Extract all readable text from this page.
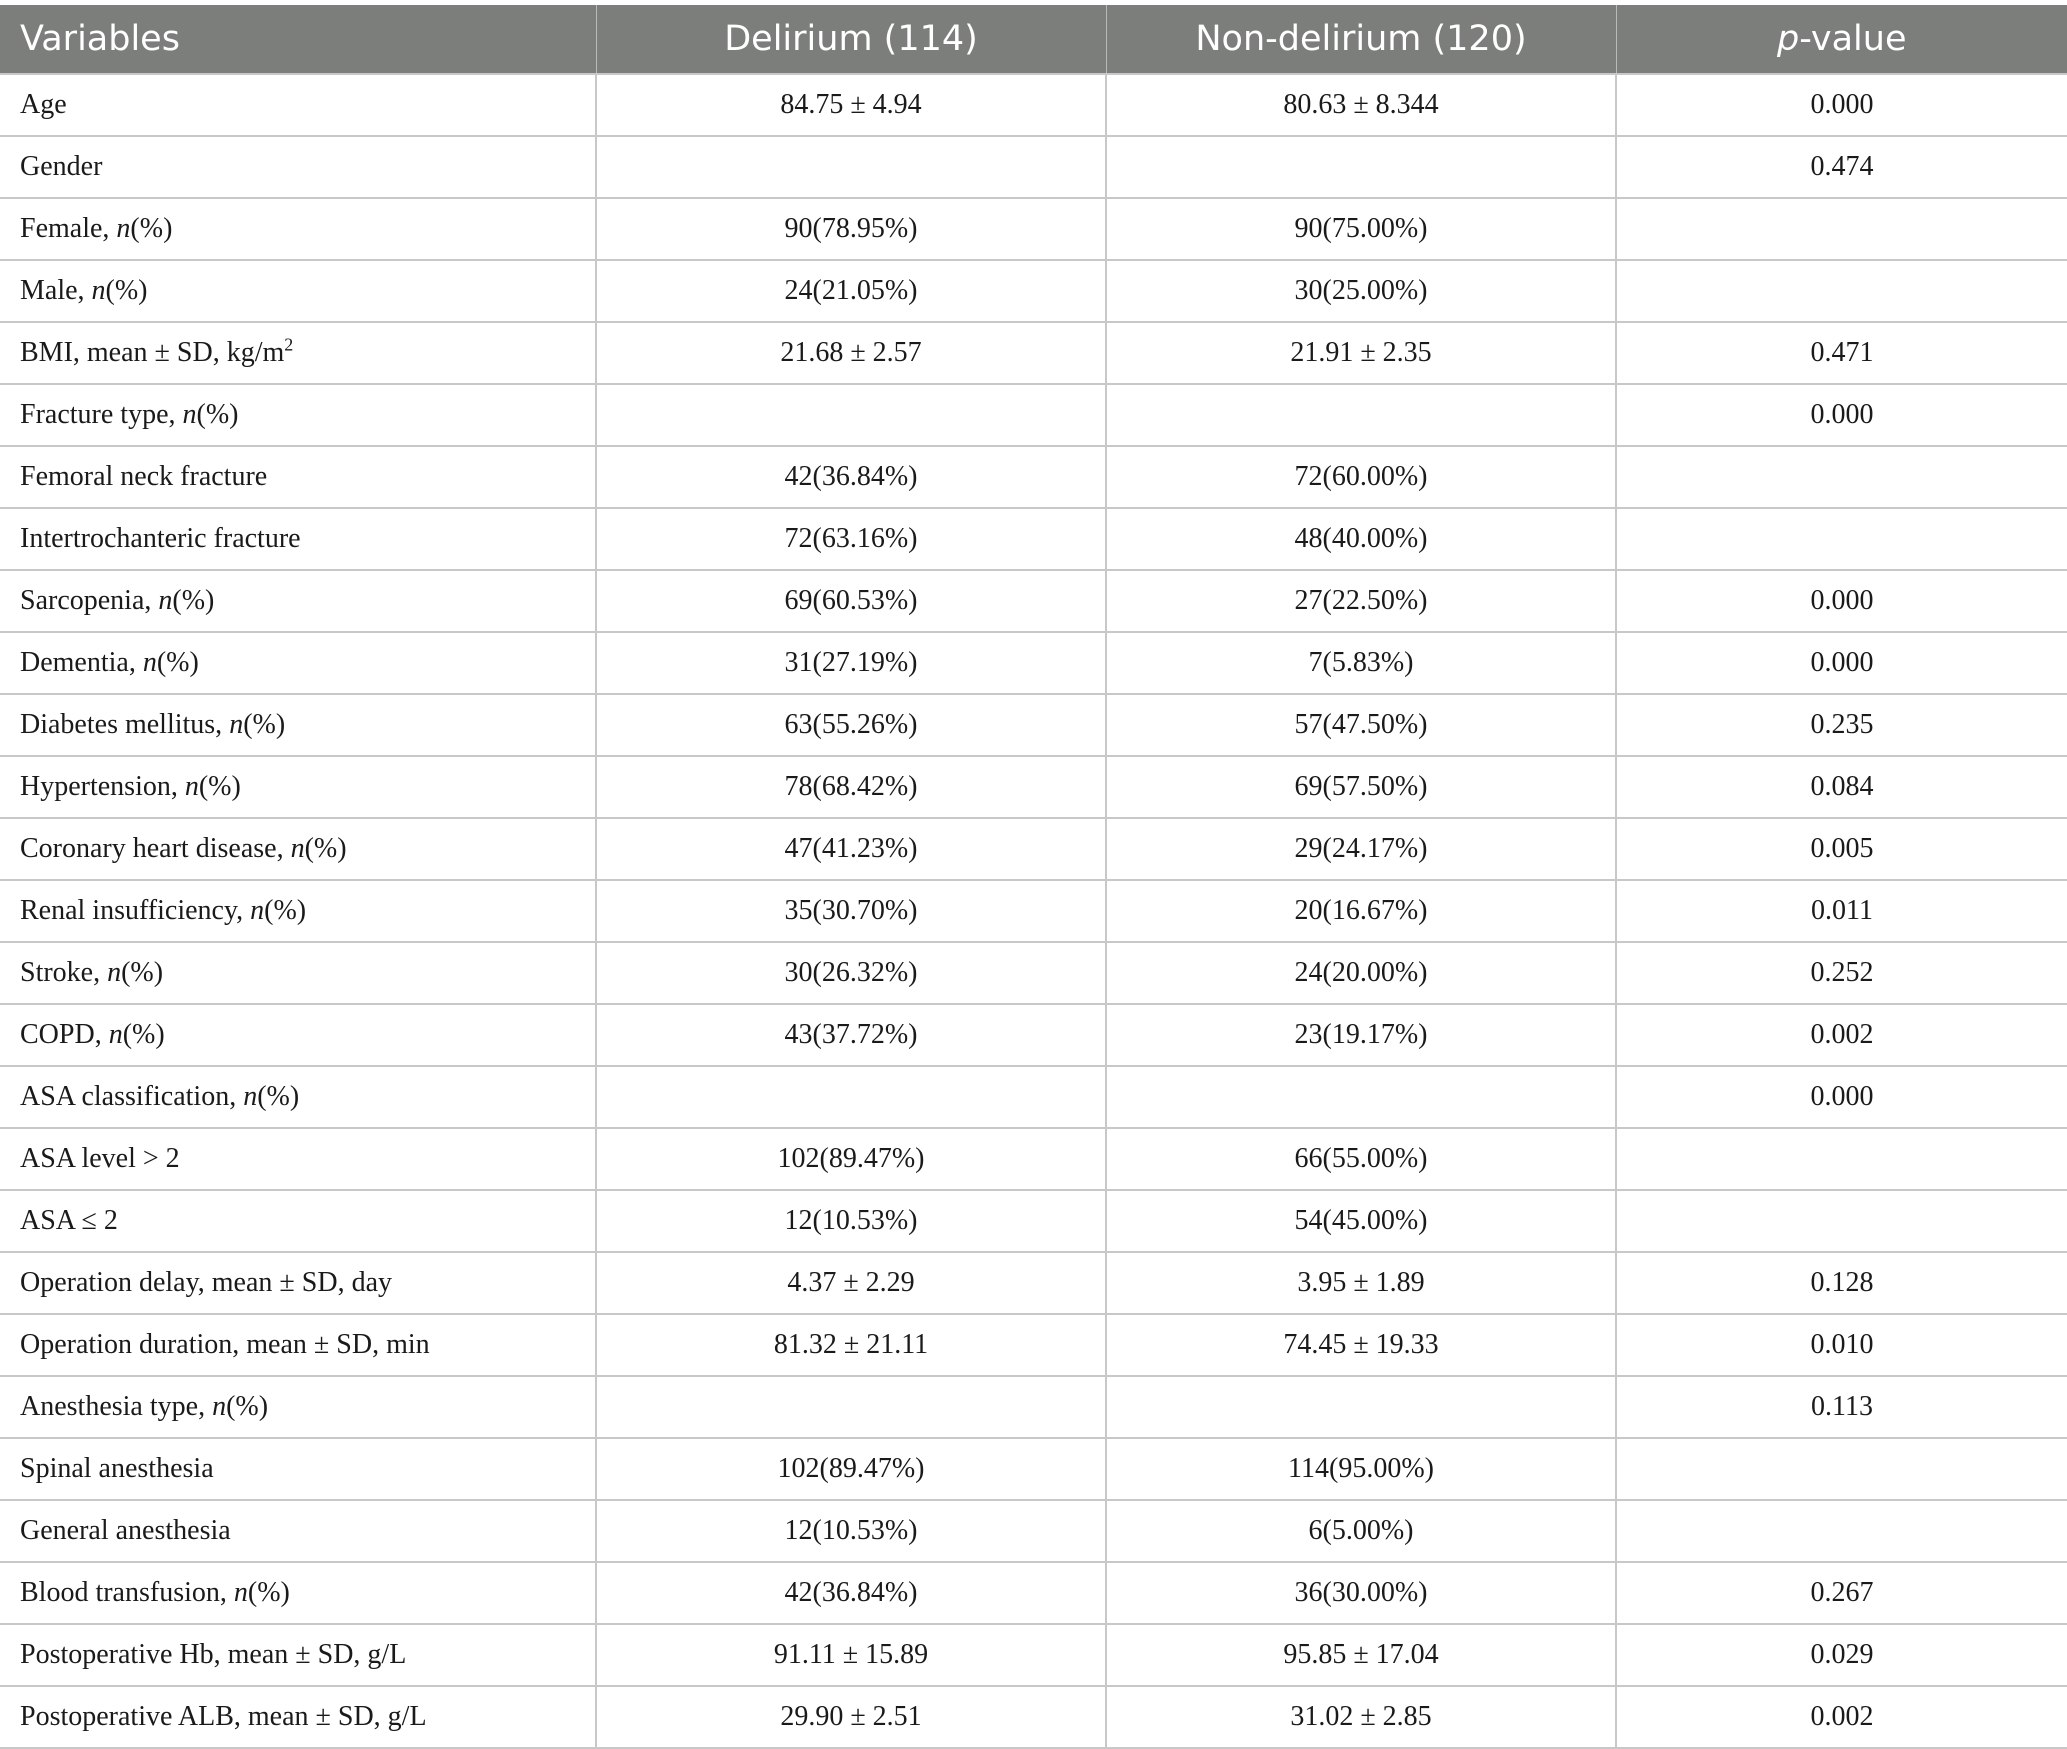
Variables	Delirium (114)	Non-delirium (120)	p-value
Age	84.75 ± 4.94	80.63 ± 8.344	0.000
Gender			0.474
Female, n(%)	90(78.95%)	90(75.00%)	
Male, n(%)	24(21.05%)	30(25.00%)	
BMI, mean ± SD, $kg/m^2$	21.68 ± 2.57	21.91 ± 2.35	0.471
Fracture type, n(%)			0.000
Femoral neck fracture	42(36.84%)	72(60.00%)	
Intertrochanteric fracture	72(63.16%)	48(40.00%)	
Sarcopenia, n(%)	69(60.53%)	27(22.50%)	0.000
Dementia, n(%)	31(27.19%)	7(5.83%)	0.000
Diabetes mellitus, n(%)	63(55.26%)	57(47.50%)	0.235
Hypertension, n(%)	78(68.42%)	69(57.50%)	0.084
Coronary heart disease, n(%)	47(41.23%)	29(24.17%)	0.005
Renal insufficiency, n(%)	35(30.70%)	20(16.67%)	0.011
Stroke, n(%)	30(26.32%)	24(20.00%)	0.252
COPD, n(%)	43(37.72%)	23(19.17%)	0.002
ASA classification, n(%)			0.000
ASA level > 2	102(89.47%)	66(55.00%)	
ASA ≤ 2	12(10.53%)	54(45.00%)	
Operation delay, mean ± SD, day	4.37 ± 2.29	3.95 ± 1.89	0.128
Operation duration, mean ± SD, min	81.32 ± 21.11	74.45 ± 19.33	0.010
Anesthesia type, n(%)			0.113
Spinal anesthesia	102(89.47%)	114(95.00%)	
General anesthesia	12(10.53%)	6(5.00%)	
Blood transfusion, n(%)	42(36.84%)	36(30.00%)	0.267
Postoperative Hb, mean ± SD, g/L	91.11 ± 15.89	95.85 ± 17.04	0.029
Postoperative ALB, mean ± SD, g/L	29.90 ± 2.51	31.02 ± 2.85	0.002
